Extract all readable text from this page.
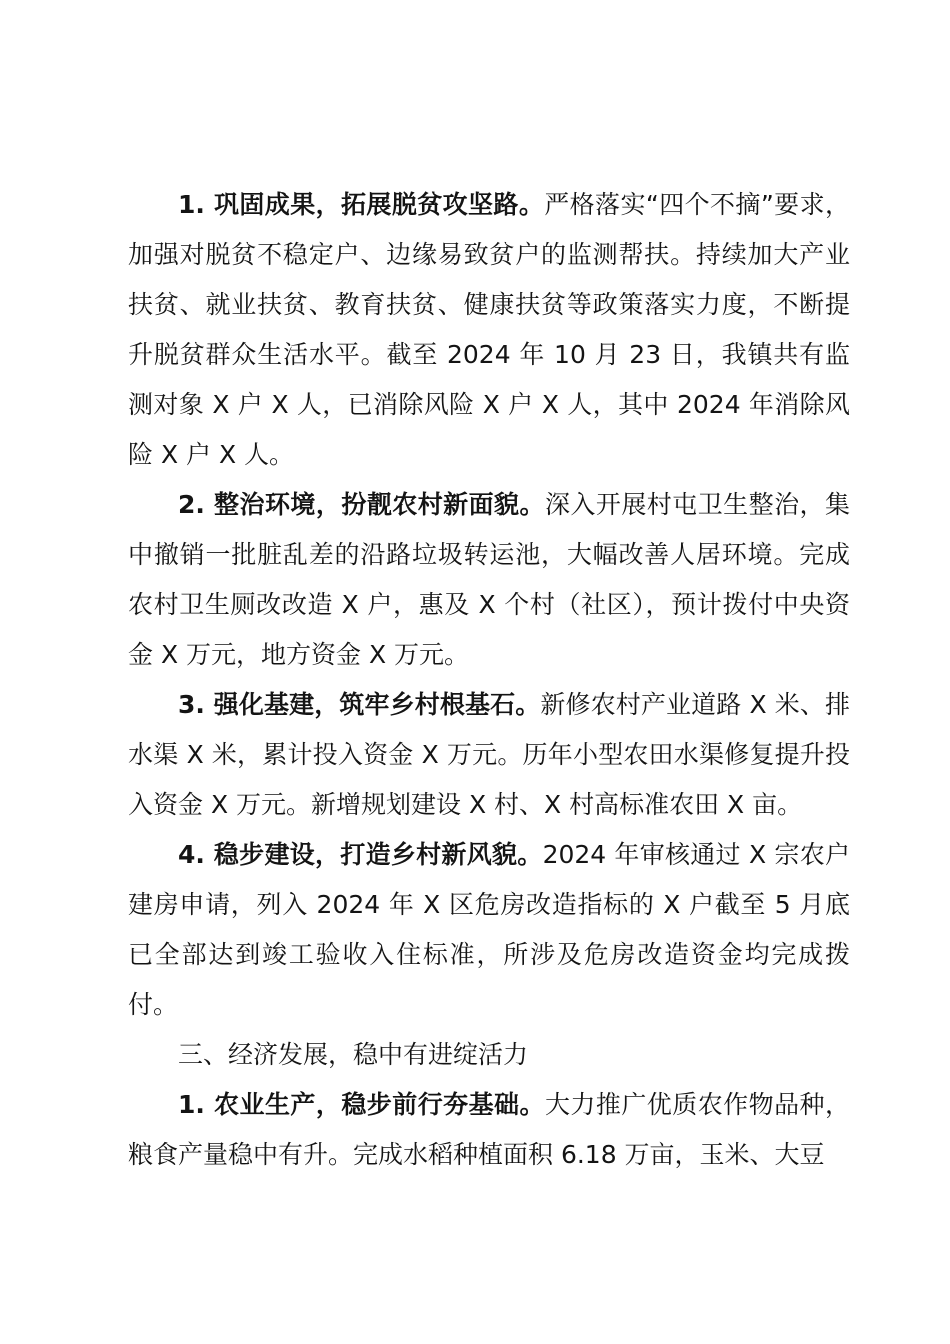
1. 巩固成果，拓展脱贫攻坚路。严格落实“四个不摘”要求，加强对脱贫不稳定户、边缘易致贫户的监测帮扶。持续加大产业扶贫、就业扶贫、教育扶贫、健康扶贫等政策落实力度，不断提升脱贫群众生活水平。截至 2024 年 10 月 23 日，我镇共有监测对象 X 户 X 人，已消除风险 X 户 X 人，其中 2024 年消除风险 X 户 X 人。

2. 整治环境，扮靓农村新面貌。深入开展村屯卫生整治，集中撤销一批脏乱差的沿路垃圾转运池，大幅改善人居环境。完成农村卫生厕改改造 X 户，惠及 X 个村（社区），预计拨付中央资金 X 万元，地方资金 X 万元。

3. 强化基建，筑牢乡村根基石。新修农村产业道路 X 米、排水渠 X 米，累计投入资金 X 万元。历年小型农田水渠修复提升投入资金 X 万元。新增规划建设 X 村、X 村高标准农田 X 亩。

4. 稳步建设，打造乡村新风貌。2024 年审核通过 X 宗农户建房申请，列入 2024 年 X 区危房改造指标的 X 户截至 5 月底已全部达到竣工验收入住标准，所涉及危房改造资金均完成拨付。

三、经济发展，稳中有进绽活力

1. 农业生产，稳步前行夯基础。大力推广优质农作物品种，粮食产量稳中有升。完成水稻种植面积 6.18 万亩，玉米、大豆
